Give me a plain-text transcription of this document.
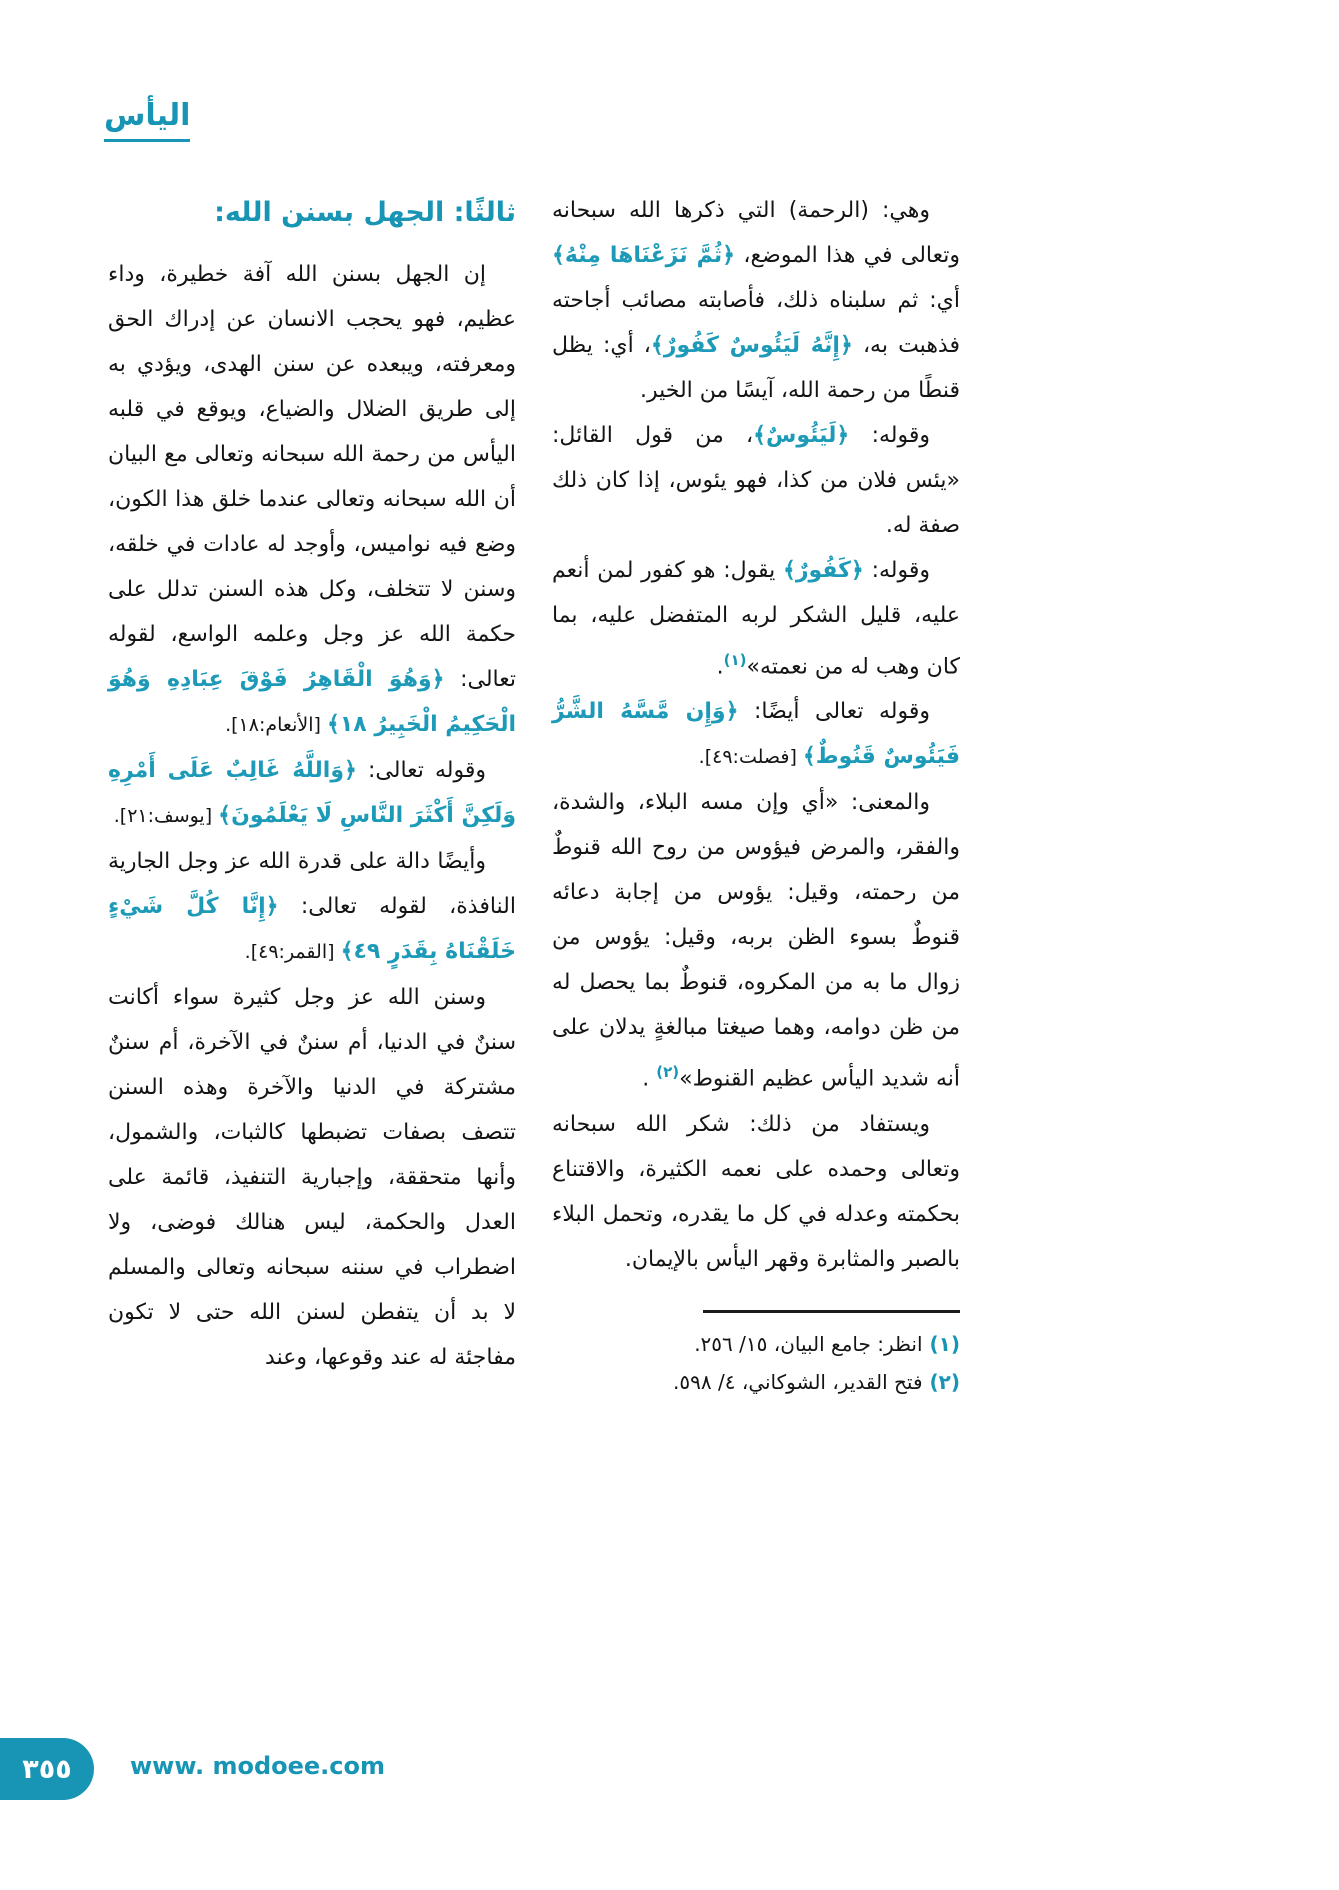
اليأس

وهي: (الرحمة) التي ذكرها الله سبحانه وتعالى في هذا الموضع، ﴿ثُمَّ نَزَعْنَاهَا مِنْهُ﴾ أي: ثم سلبناه ذلك، فأصابته مصائب أجاحته فذهبت به، ﴿إِنَّهُ لَيَئُوسٌ كَفُورٌ﴾، أي: يظل قنطًا من رحمة الله، آيسًا من الخير.

وقوله: ﴿لَيَئُوسٌ﴾، من قول القائل: «يئس فلان من كذا، فهو يئوس، إذا كان ذلك صفة له.

وقوله: ﴿كَفُورٌ﴾ يقول: هو كفور لمن أنعم عليه، قليل الشكر لربه المتفضل عليه، بما كان وهب له من نعمته»$^{(١)}$.

وقوله تعالى أيضًا: ﴿وَإِن مَّسَّهُ الشَّرُّ فَيَئُوسٌ قَنُوطٌ﴾ [فصلت:٤٩].

والمعنى: «أي وإن مسه البلاء، والشدة، والفقر، والمرض فيؤوس من روح الله قنوطٌ من رحمته، وقيل: يؤوس من إجابة دعائه قنوطٌ بسوء الظن بربه، وقيل: يؤوس من زوال ما به من المكروه، قنوطٌ بما يحصل له من ظن دوامه، وهما صيغتا مبالغةٍ يدلان على أنه شديد اليأس عظيم القنوط»$^{(٢)}$ .

ويستفاد من ذلك: شكر الله سبحانه وتعالى وحمده على نعمه الكثيرة، والاقتناع بحكمته وعدله في كل ما يقدره، وتحمل البلاء بالصبر والمثابرة وقهر اليأس بالإيمان.

(١) انظر: جامع البيان، ١٥/ ٢٥٦.
(٢) فتح القدير، الشوكاني، ٤/ ٥٩٨.
ثالثًا: الجهل بسنن الله:

إن الجهل بسنن الله آفة خطيرة، وداء عظيم، فهو يحجب الانسان عن إدراك الحق ومعرفته، ويبعده عن سنن الهدى، ويؤدي به إلى طريق الضلال والضياع، ويوقع في قلبه اليأس من رحمة الله سبحانه وتعالى مع البيان أن الله سبحانه وتعالى عندما خلق هذا الكون، وضع فيه نواميس، وأوجد له عادات في خلقه، وسنن لا تتخلف، وكل هذه السنن تدلل على حكمة الله عز وجل وعلمه الواسع، لقوله تعالى: ﴿وَهُوَ الْقَاهِرُ فَوْقَ عِبَادِهِ وَهُوَ الْحَكِيمُ الْخَبِيرُ ١٨﴾ [الأنعام:١٨].

وقوله تعالى: ﴿وَاللَّهُ غَالِبٌ عَلَى أَمْرِهِ وَلَكِنَّ أَكْثَرَ النَّاسِ لَا يَعْلَمُونَ﴾ [يوسف:٢١].

وأيضًا دالة على قدرة الله عز وجل الجارية النافذة، لقوله تعالى: ﴿إِنَّا كُلَّ شَيْءٍ خَلَقْنَاهُ بِقَدَرٍ ٤٩﴾ [القمر:٤٩].

وسنن الله عز وجل كثيرة سواء أكانت سننٌ في الدنيا، أم سننٌ في الآخرة، أم سننٌ مشتركة في الدنيا والآخرة وهذه السنن تتصف بصفات تضبطها كالثبات، والشمول، وأنها متحققة، وإجبارية التنفيذ، قائمة على العدل والحكمة، ليس هنالك فوضى، ولا اضطراب في سننه سبحانه وتعالى والمسلم لا بد أن يتفطن لسنن الله حتى لا تكون مفاجئة له عند وقوعها، وعند

٣٥٥ www. modoee.com
